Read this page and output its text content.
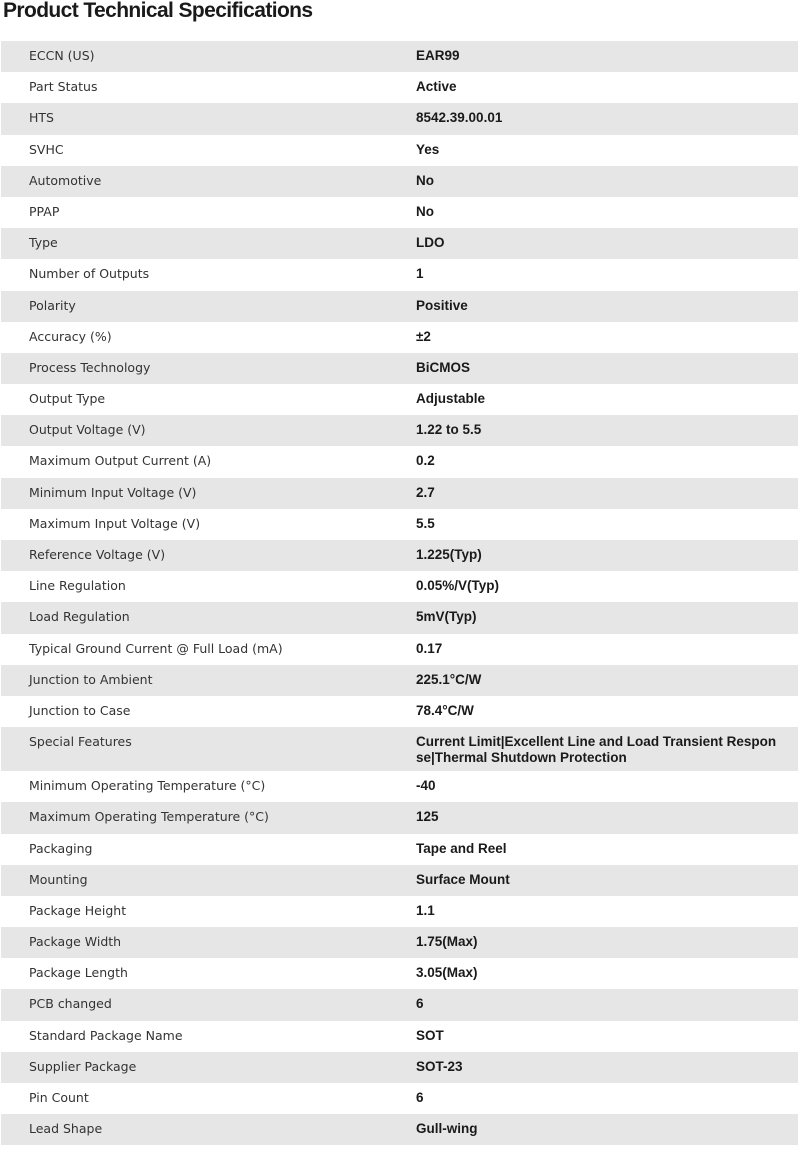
Product Technical Specifications
ECCN (US)	EAR99
Part Status	Active
HTS	8542.39.00.01
SVHC	Yes
Automotive	No
PPAP	No
Type	LDO
Number of Outputs	1
Polarity	Positive
Accuracy (%)	±2
Process Technology	BiCMOS
Output Type	Adjustable
Output Voltage (V)	1.22 to 5.5
Maximum Output Current (A)	0.2
Minimum Input Voltage (V)	2.7
Maximum Input Voltage (V)	5.5
Reference Voltage (V)	1.225(Typ)
Line Regulation	0.05%/V(Typ)
Load Regulation	5mV(Typ)
Typical Ground Current @ Full Load (mA)	0.17
Junction to Ambient	225.1°C/W
Junction to Case	78.4°C/W
Special Features	Current Limit|Excellent Line and Load Transient Response|Thermal Shutdown Protection
Minimum Operating Temperature (°C)	-40
Maximum Operating Temperature (°C)	125
Packaging	Tape and Reel
Mounting	Surface Mount
Package Height	1.1
Package Width	1.75(Max)
Package Length	3.05(Max)
PCB changed	6
Standard Package Name	SOT
Supplier Package	SOT-23
Pin Count	6
Lead Shape	Gull-wing
